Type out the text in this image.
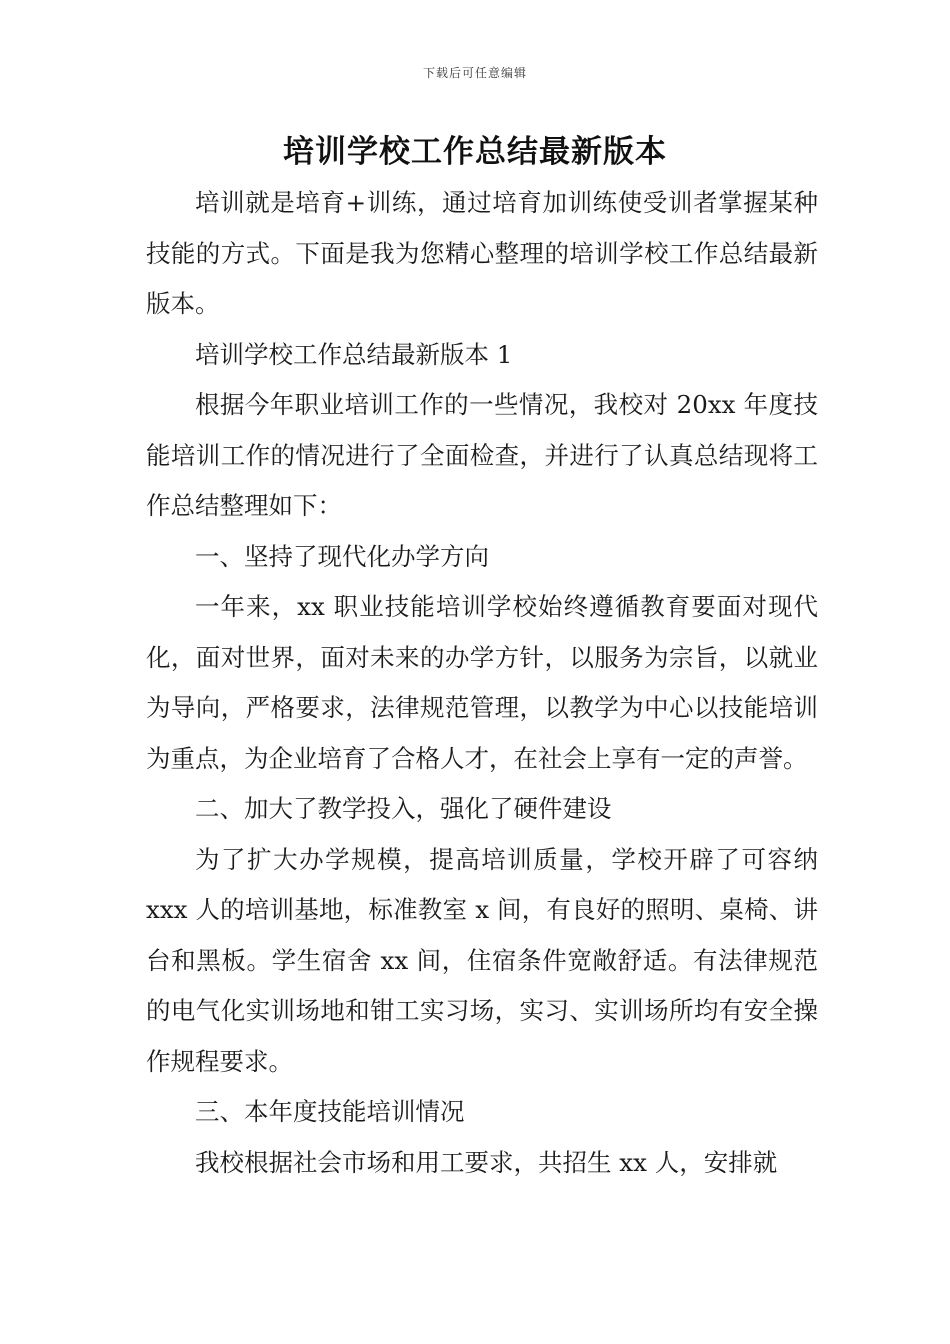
下载后可任意编辑
培训学校工作总结最新版本

培训就是培育+训练，通过培育加训练使受训者掌握某种技能的方式。下面是我为您精心整理的培训学校工作总结最新版本。

培训学校工作总结最新版本 1

根据今年职业培训工作的一些情况，我校对 20xx 年度技能培训工作的情况进行了全面检查，并进行了认真总结现将工作总结整理如下：

一、坚持了现代化办学方向

一年来，xx 职业技能培训学校始终遵循教育要面对现代化，面对世界，面对未来的办学方针，以服务为宗旨，以就业为导向，严格要求，法律规范管理，以教学为中心以技能培训为重点，为企业培育了合格人才，在社会上享有一定的声誉。

二、加大了教学投入，强化了硬件建设

为了扩大办学规模，提高培训质量，学校开辟了可容纳 xxx 人的培训基地，标准教室 x 间，有良好的照明、桌椅、讲台和黑板。学生宿舍 xx 间，住宿条件宽敞舒适。有法律规范的电气化实训场地和钳工实习场，实习、实训场所均有安全操作规程要求。

三、本年度技能培训情况

我校根据社会市场和用工要求，共招生 xx 人，安排就
